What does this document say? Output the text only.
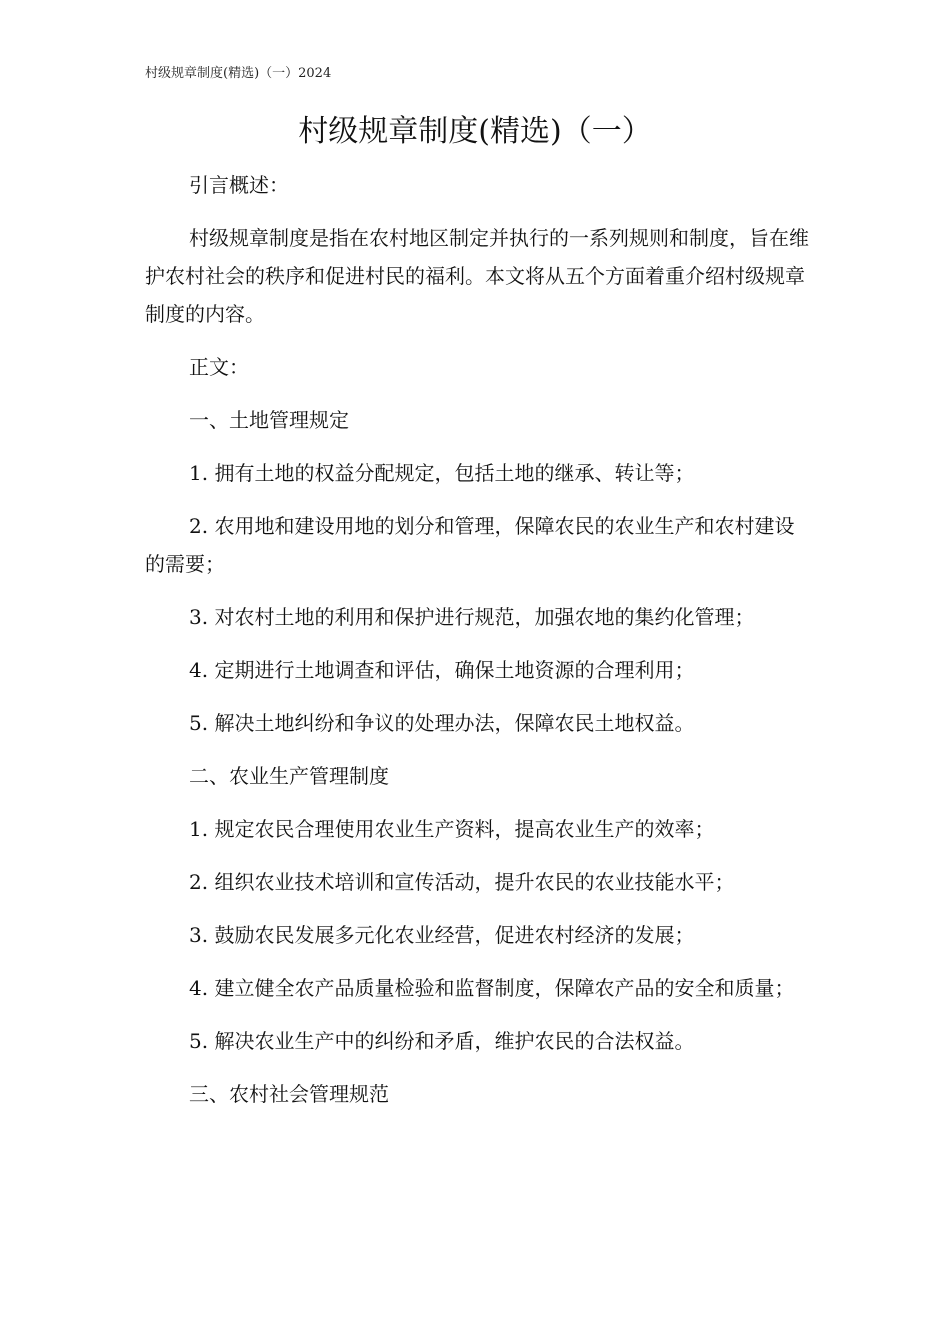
村级规章制度(精选)（一）2024
村级规章制度(精选)（一）

引言概述：

村级规章制度是指在农村地区制定并执行的一系列规则和制度，旨在维护农村社会的秩序和促进村民的福利。本文将从五个方面着重介绍村级规章制度的内容。

正文：

一、土地管理规定

1. 拥有土地的权益分配规定，包括土地的继承、转让等；

2. 农用地和建设用地的划分和管理，保障农民的农业生产和农村建设的需要；

3. 对农村土地的利用和保护进行规范，加强农地的集约化管理；

4. 定期进行土地调查和评估，确保土地资源的合理利用；

5. 解决土地纠纷和争议的处理办法，保障农民土地权益。

二、农业生产管理制度

1. 规定农民合理使用农业生产资料，提高农业生产的效率；

2. 组织农业技术培训和宣传活动，提升农民的农业技能水平；

3. 鼓励农民发展多元化农业经营，促进农村经济的发展；

4. 建立健全农产品质量检验和监督制度，保障农产品的安全和质量；

5. 解决农业生产中的纠纷和矛盾，维护农民的合法权益。

三、农村社会管理规范
